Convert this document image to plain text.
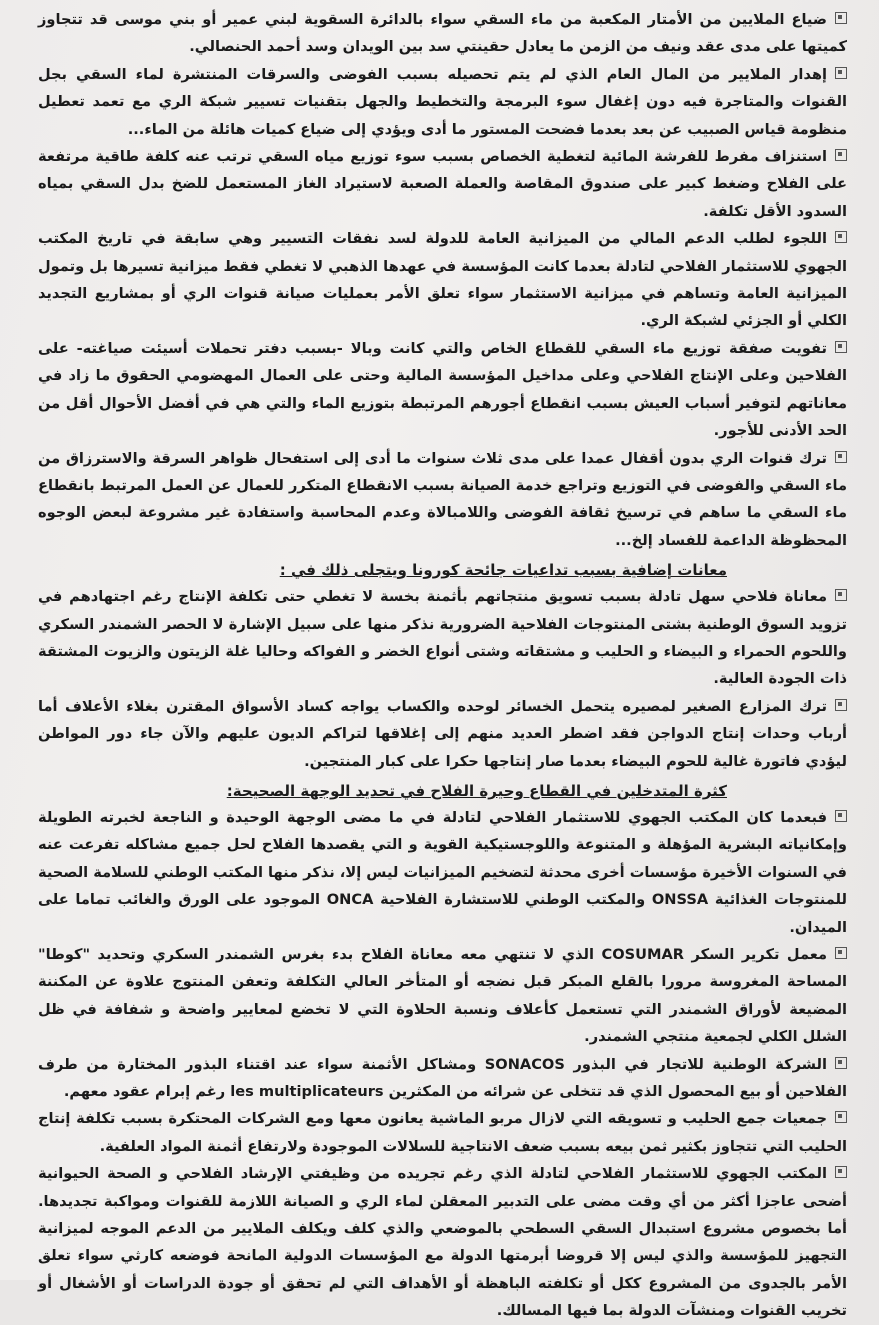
ضياع الملايين من الأمتار المكعبة من ماء السقي سواء بالدائرة السقوية لبني عمير أو بني موسى قد تتجاوز كميتها على مدى عقد ونيف من الزمن ما يعادل حقينتي سد بين الويدان وسد أحمد الحنصالي.

إهدار الملايير من المال العام الذي لم يتم تحصيله بسبب الفوضى والسرقات المنتشرة لماء السقي بجل القنوات والمتاجرة فيه دون إغفال سوء البرمجة والتخطيط والجهل بتقنيات تسيير شبكة الري مع تعمد تعطيل منظومة قياس الصبيب عن بعد بعدما فضحت المستور ما أدى ويؤدي إلى ضياع كميات هائلة من الماء...

استنزاف مفرط للفرشة المائية لتغطية الخصاص بسبب سوء توزيع مياه السقي ترتب عنه كلفة طاقية مرتفعة على الفلاح وضغط كبير على صندوق المقاصة والعملة الصعبة لاستيراد الغاز المستعمل للضخ بدل السقي بمياه السدود الأقل تكلفة.

اللجوء لطلب الدعم المالي من الميزانية العامة للدولة لسد نفقات التسيير وهي سابقة في تاريخ المكتب الجهوي للاستثمار الفلاحي لتادلة بعدما كانت المؤسسة في عهدها الذهبي لا تغطي فقط ميزانية تسيرها بل وتمول الميزانية العامة وتساهم في ميزانية الاستثمار سواء تعلق الأمر بعمليات صيانة قنوات الري أو بمشاريع التجديد الكلي أو الجزئي لشبكة الري.

تفويت صفقة توزيع ماء السقي للقطاع الخاص والتي كانت وبالا -بسبب دفتر تحملات أسيئت صياغته- على الفلاحين وعلى الإنتاج الفلاحي وعلى مداخيل المؤسسة المالية وحتى على العمال المهضومي الحقوق ما زاد في معاناتهم لتوفير أسباب العيش بسبب انقطاع أجورهم المرتبطة بتوزيع الماء والتي هي في أفضل الأحوال أقل من الحد الأدنى للأجور.

ترك قنوات الري بدون أقفال عمدا على مدى ثلاث سنوات ما أدى إلى استفحال ظواهر السرقة والاسترزاق من ماء السقي والفوضى في التوزيع وتراجع خدمة الصيانة بسبب الانقطاع المتكرر للعمال عن العمل المرتبط بانقطاع ماء السقي ما ساهم في ترسيخ ثقافة الفوضى واللامبالاة وعدم المحاسبة واستفادة غير مشروعة لبعض الوجوه المحظوظة الداعمة للفساد إلخ...

معانات إضافية بسبب تداعيات جائحة كورونا ويتجلى ذلك في :

معاناة فلاحي سهل تادلة بسبب تسويق منتجاتهم بأثمنة بخسة لا تغطي حتى تكلفة الإنتاج رغم اجتهادهم في تزويد السوق الوطنية بشتى المنتوجات الفلاحية الضرورية نذكر منها على سبيل الإشارة لا الحصر الشمندر السكري واللحوم الحمراء و البيضاء و الحليب و مشتقاته وشتى أنواع الخضر و الفواكه وحاليا غلة الزيتون والزيوت المشتقة ذات الجودة العالية.

ترك المزارع الصغير لمصيره يتحمل الخسائر لوحده والكساب يواجه كساد الأسواق المقترن بغلاء الأعلاف أما أرباب وحدات إنتاج الدواجن فقد اضطر العديد منهم إلى إغلاقها لتراكم الديون عليهم والآن جاء دور المواطن ليؤدي فاتورة غالية للحوم البيضاء بعدما صار إنتاجها حكرا على كبار المنتجين.

كثرة المتدخلين في القطاع وحيرة الفلاح في تحديد الوجهة الصحيحة:

فبعدما كان المكتب الجهوي للاستثمار الفلاحي لتادلة في ما مضى الوجهة الوحيدة و الناجعة لخبرته الطويلة وإمكانياته البشرية المؤهلة و المتنوعة واللوجستيكية القوية و التي يقصدها الفلاح لحل جميع مشاكله تفرعت عنه في السنوات الأخيرة مؤسسات أخرى محدثة لتضخيم الميزانيات ليس إلا، نذكر منها المكتب الوطني للسلامة الصحية للمنتوجات الغذائية ONSSA والمكتب الوطني للاستشارة الفلاحية ONCA الموجود على الورق والغائب تماما على الميدان.

معمل تكرير السكر COSUMAR الذي لا تنتهي معه معاناة الفلاح بدء بغرس الشمندر السكري وتحديد "كوطا" المساحة المغروسة مرورا بالقلع المبكر قبل نضجه أو المتأخر العالي التكلفة وتعفن المنتوج علاوة عن المكننة المضيعة لأوراق الشمندر التي تستعمل كأعلاف ونسبة الحلاوة التي لا تخضع لمعايير واضحة و شفافة في ظل الشلل الكلي لجمعية منتجي الشمندر.

الشركة الوطنية للاتجار في البذور SONACOS ومشاكل الأثمنة سواء عند اقتناء البذور المختارة من طرف الفلاحين أو بيع المحصول الذي قد تتخلى عن شرائه من المكثرين les multiplicateurs رغم إبرام عقود معهم.

جمعيات جمع الحليب و تسويقه التي لازال مربو الماشية يعانون معها ومع الشركات المحتكرة بسبب تكلفة إنتاج الحليب التي تتجاوز بكثير ثمن بيعه بسبب ضعف الانتاجية للسلالات الموجودة ولارتفاع أثمنة المواد العلفية.

المكتب الجهوي للاستثمار الفلاحي لتادلة الذي رغم تجريده من وظيفتي الإرشاد الفلاحي و الصحة الحيوانية أضحى عاجزا أكثر من أي وقت مضى على التدبير المعقلن لماء الري و الصيانة اللازمة للقنوات ومواكبة تجديدها. أما بخصوص مشروع استبدال السقي السطحي بالموضعي والذي كلف ويكلف الملايير من الدعم الموجه لميزانية التجهيز للمؤسسة والذي ليس إلا قروضا أبرمتها الدولة مع المؤسسات الدولية المانحة فوضعه كارثي سواء تعلق الأمر بالجدوى من المشروع ككل أو تكلفته الباهظة أو الأهداف التي لم تحقق أو جودة الدراسات أو الأشغال أو تخريب القنوات ومنشآت الدولة بما فيها المسالك.
